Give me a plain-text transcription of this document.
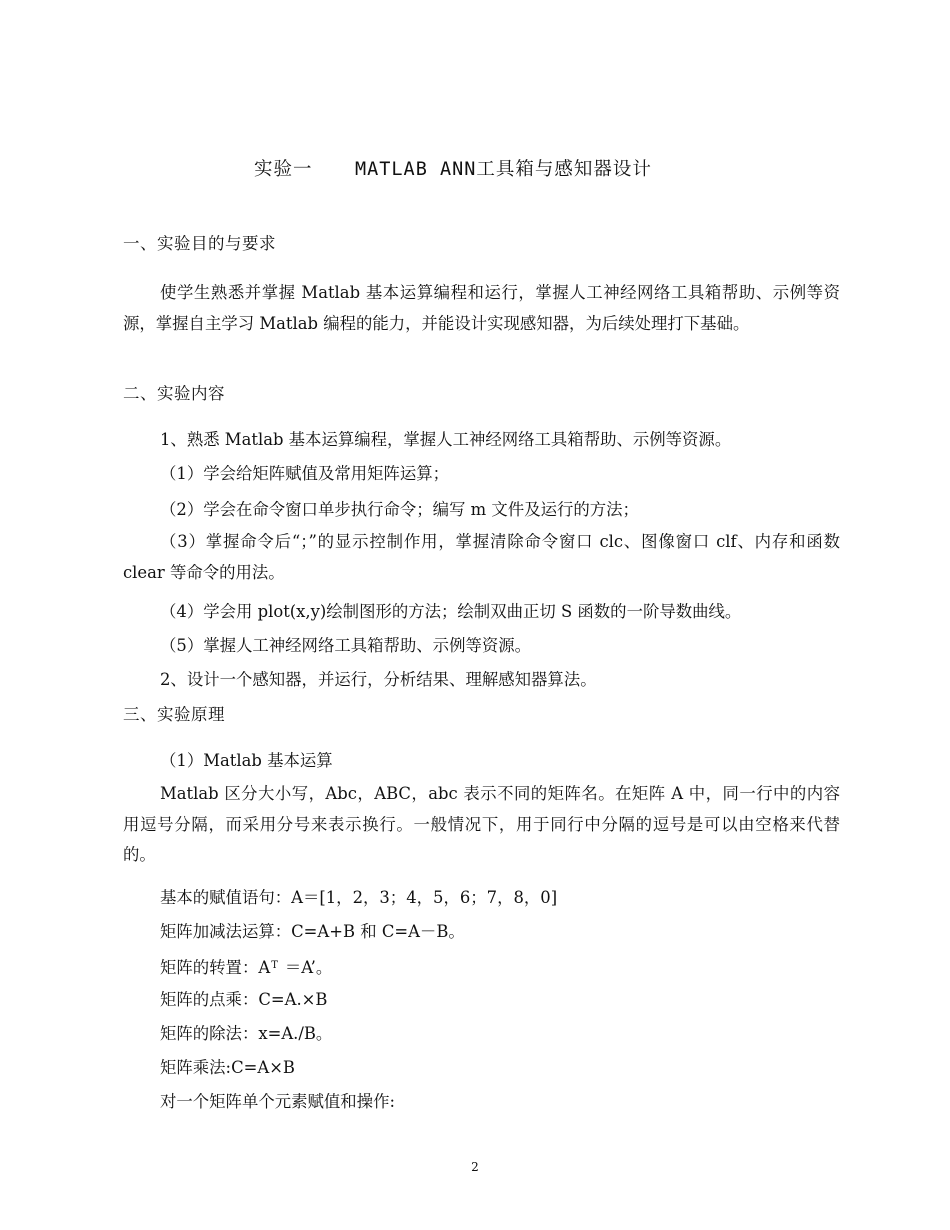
实验一 MATLAB ANN工具箱与感知器设计
一、实验目的与要求
使学生熟悉并掌握 Matlab 基本运算编程和运行，掌握人工神经网络工具箱帮助、示例等资源，掌握自主学习 Matlab 编程的能力，并能设计实现感知器，为后续处理打下基础。
二、实验内容
1、熟悉 Matlab 基本运算编程，掌握人工神经网络工具箱帮助、示例等资源。
（1）学会给矩阵赋值及常用矩阵运算；
（2）学会在命令窗口单步执行命令；编写 m 文件及运行的方法；
（3）掌握命令后“；”的显示控制作用，掌握清除命令窗口 clc、图像窗口 clf、内存和函数 clear 等命令的用法。
（4）学会用 plot(x,y)绘制图形的方法；绘制双曲正切 S 函数的一阶导数曲线。
（5）掌握人工神经网络工具箱帮助、示例等资源。
2、设计一个感知器，并运行，分析结果、理解感知器算法。
三、实验原理
（1）Matlab 基本运算
Matlab 区分大小写，Abc，ABC，abc 表示不同的矩阵名。在矩阵 A 中，同一行中的内容用逗号分隔，而采用分号来表示换行。一般情况下，用于同行中分隔的逗号是可以由空格来代替的。
基本的赋值语句：A＝[1，2，3；4，5，6；7，8，0]
矩阵加减法运算：C=A+B 和 C=A－B。
矩阵的转置：$A^T =A$’。
矩阵的点乘：C=A.×B
矩阵的除法：x=A./B。
矩阵乘法:C=A×B
对一个矩阵单个元素赋值和操作:
2
